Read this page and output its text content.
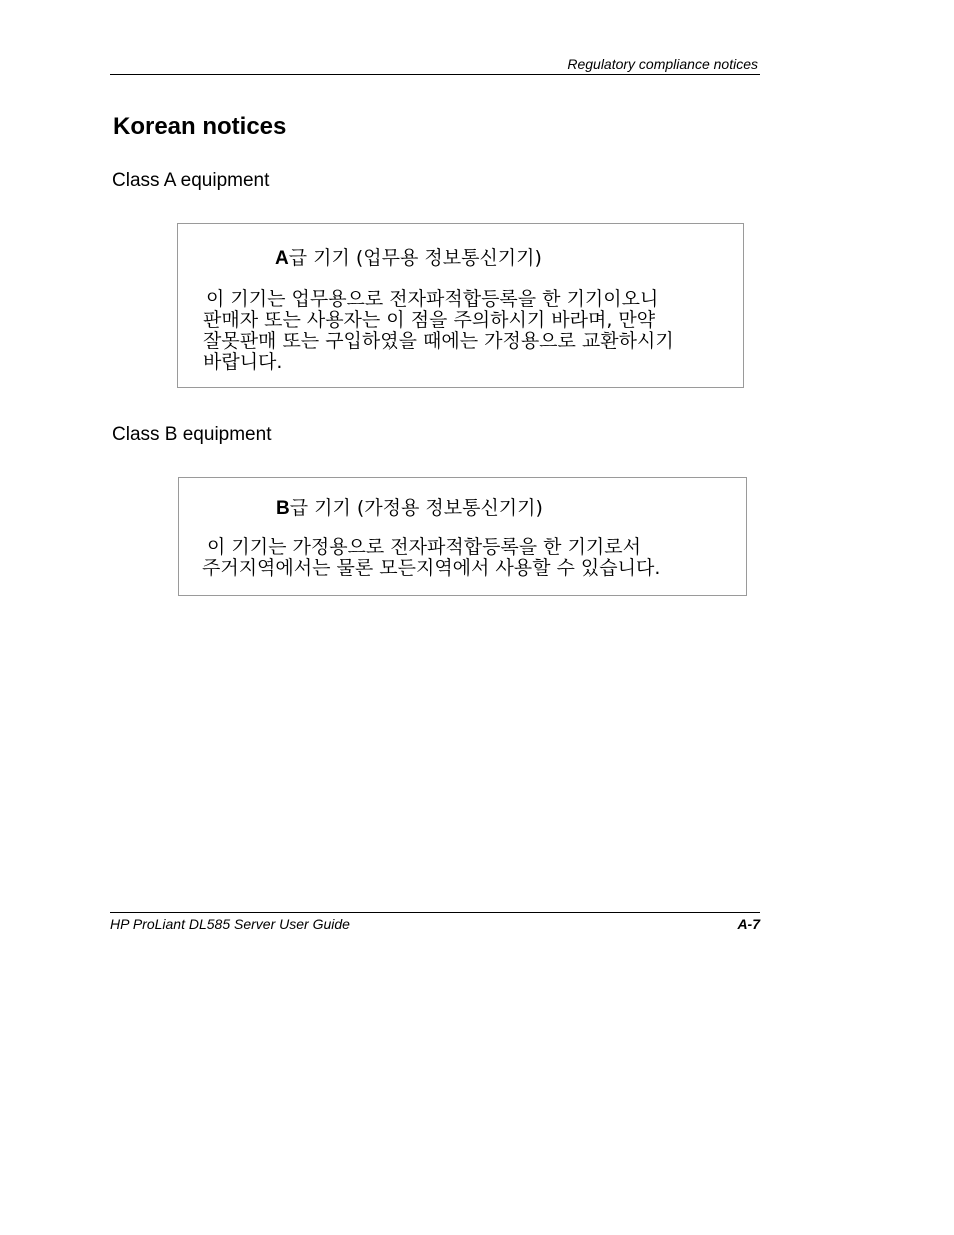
Regulatory compliance notices
Korean notices

Class A equipment

A급 기기 (업무용 정보통신기기)
이 기기는 업무용으로 전자파적합등록을 한 기기이오니
판매자 또는 사용자는 이 점을 주의하시기 바라며, 만약
잘못판매 또는 구입하였을 때에는 가정용으로 교환하시기
바랍니다.

Class B equipment

B급 기기 (가정용 정보통신기기)
이 기기는 가정용으로 전자파적합등록을 한 기기로서
주거지역에서는 물론 모든지역에서 사용할 수 있습니다.
HP ProLiant DL585 Server User Guide	A-7
